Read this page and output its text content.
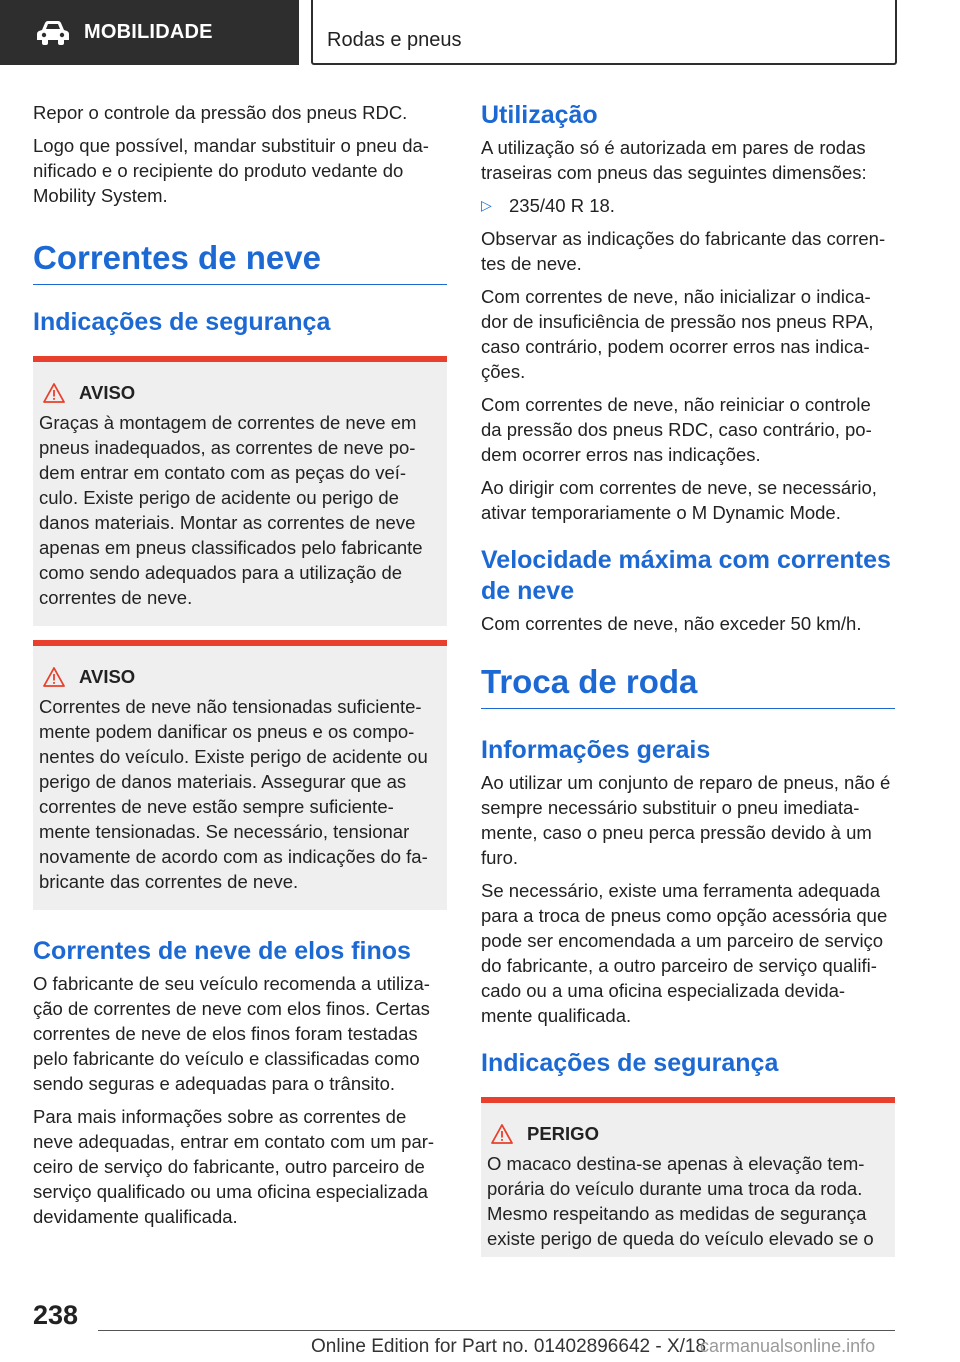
MOBILIDADE	Rodas e pneus

Repor o controle da pressão dos pneus RDC.

Logo que possível, mandar substituir o pneu da-nificado e o recipiente do produto vedante do Mobility System.

Correntes de neve
Indicações de segurança
AVISO

Graças à montagem de correntes de neve em pneus inadequados, as correntes de neve po-dem entrar em contato com as peças do veí-culo. Existe perigo de acidente ou perigo de danos materiais. Montar as correntes de neve apenas em pneus classificados pelo fabricante como sendo adequados para a utilização de correntes de neve.

AVISO

Correntes de neve não tensionadas suficiente-mente podem danificar os pneus e os compo-nentes do veículo. Existe perigo de acidente ou perigo de danos materiais. Assegurar que as correntes de neve estão sempre suficiente-mente tensionadas. Se necessário, tensionar novamente de acordo com as indicações do fa-bricante das correntes de neve.

Correntes de neve de elos finos

O fabricante de seu veículo recomenda a utiliza-ção de correntes de neve com elos finos. Certas correntes de neve de elos finos foram testadas pelo fabricante do veículo e classificadas como sendo seguras e adequadas para o trânsito.

Para mais informações sobre as correntes de neve adequadas, entrar em contato com um par-ceiro de serviço do fabricante, outro parceiro de serviço qualificado ou uma oficina especializada devidamente qualificada.

Utilização

A utilização só é autorizada em pares de rodas traseiras com pneus das seguintes dimensões:

▷ 235/40 R 18.

Observar as indicações do fabricante das corren-tes de neve.

Com correntes de neve, não inicializar o indica-dor de insuficiência de pressão nos pneus RPA, caso contrário, podem ocorrer erros nas indica-ções.

Com correntes de neve, não reiniciar o controle da pressão dos pneus RDC, caso contrário, po-dem ocorrer erros nas indicações.

Ao dirigir com correntes de neve, se necessário, ativar temporariamente o M Dynamic Mode.

Velocidade máxima com correntes de neve

Com correntes de neve, não exceder 50 km/h.

Troca de roda
Informações gerais

Ao utilizar um conjunto de reparo de pneus, não é sempre necessário substituir o pneu imediata-mente, caso o pneu perca pressão devido à um furo.

Se necessário, existe uma ferramenta adequada para a troca de pneus como opção acessória que pode ser encomendada a um parceiro de serviço do fabricante, a outro parceiro de serviço qualifi-cado ou a uma oficina especializada devida-mente qualificada.

Indicações de segurança
PERIGO

O macaco destina-se apenas à elevação tem-porária do veículo durante uma troca da roda. Mesmo respeitando as medidas de segurança existe perigo de queda do veículo elevado se o

238
Online Edition for Part no. 01402896642 - X/18
carmanualsonline.info
